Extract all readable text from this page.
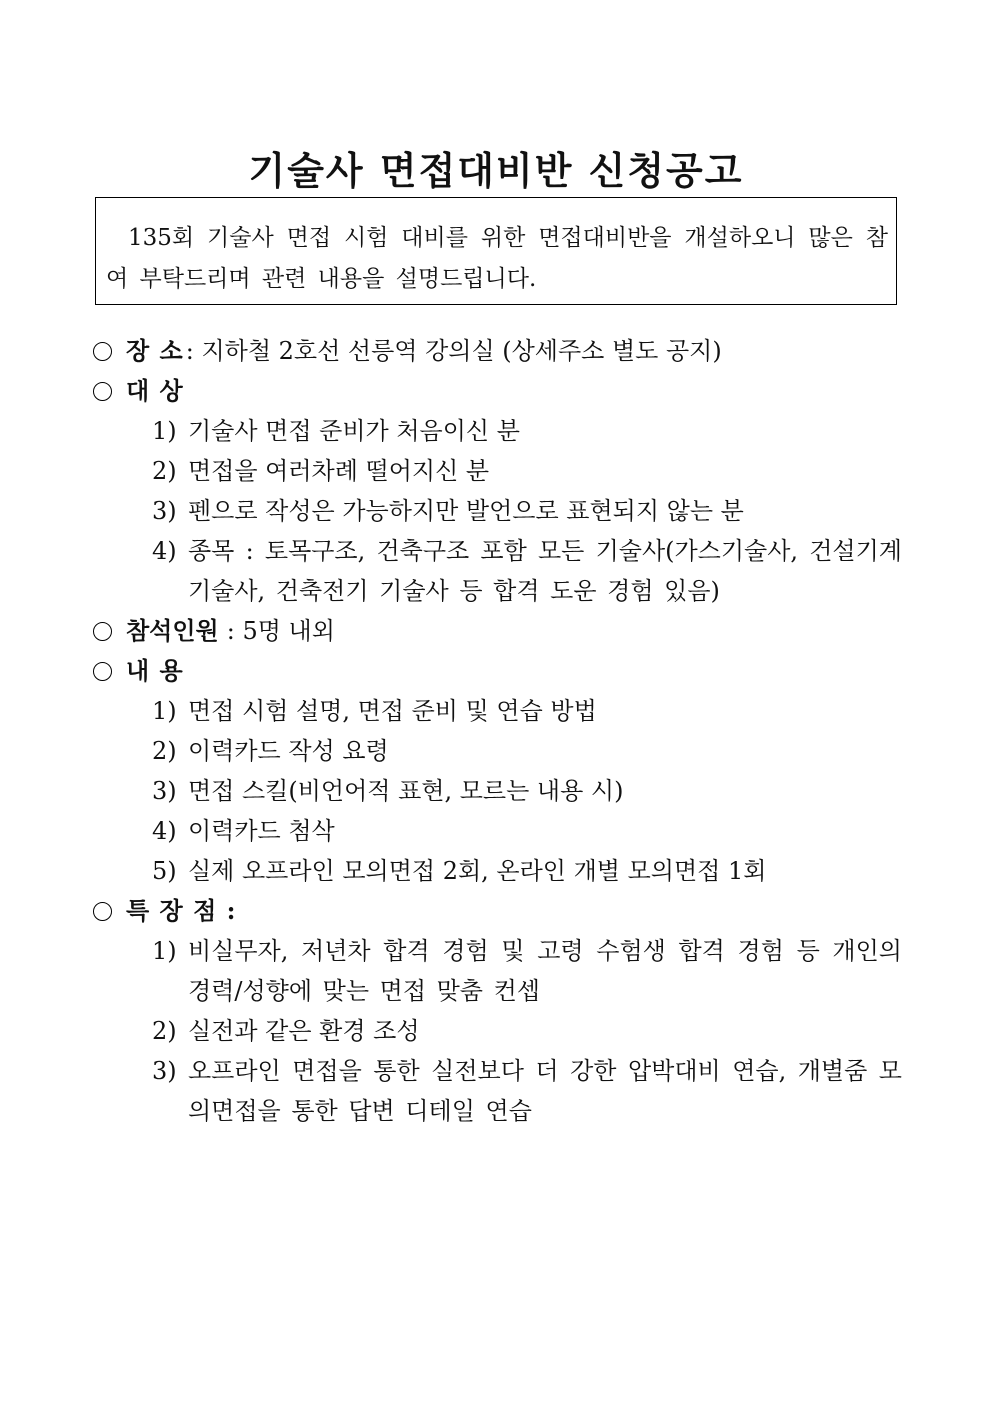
기술사 면접대비반 신청공고
135회 기술사 면접 시험 대비를 위한 면접대비반을 개설하오니 많은 참여 부탁드리며 관련 내용을 설명드립니다.
장 소 : 지하철 2호선 선릉역 강의실 (상세주소 별도 공지)
대 상
1) 기술사 면접 준비가 처음이신 분
2) 면접을 여러차례 떨어지신 분
3) 펜으로 작성은 가능하지만 발언으로 표현되지 않는 분
4) 종목 : 토목구조, 건축구조 포함 모든 기술사(가스기술사, 건설기계 기술사, 건축전기 기술사 등 합격 도운 경험 있음)
참석인원 : 5명 내외
내 용
1) 면접 시험 설명, 면접 준비 및 연습 방법
2) 이력카드 작성 요령
3) 면접 스킬(비언어적 표현, 모르는 내용 시)
4) 이력카드 첨삭
5) 실제 오프라인 모의면접 2회, 온라인 개별 모의면접 1회
특 장 점 :
1) 비실무자, 저년차 합격 경험 및 고령 수험생 합격 경험 등 개인의 경력/성향에 맞는 면접 맞춤 컨셉
2) 실전과 같은 환경 조성
3) 오프라인 면접을 통한 실전보다 더 강한 압박대비 연습, 개별줌 모의면접을 통한 답변 디테일 연습
